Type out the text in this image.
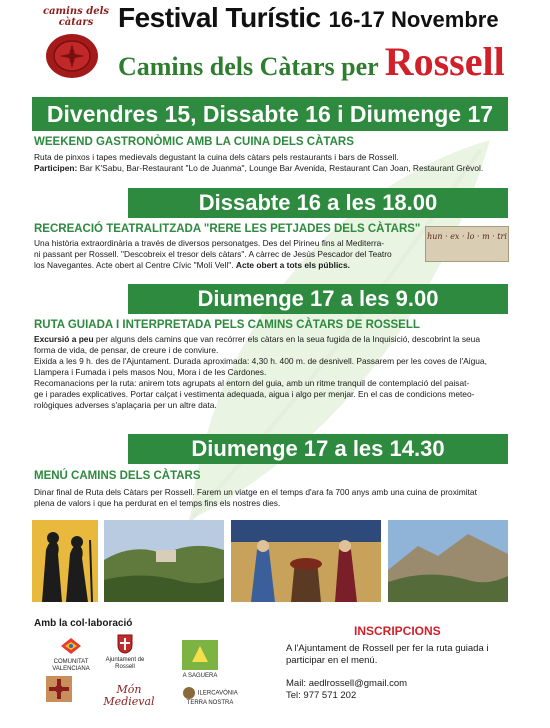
camins dels càtars Festival Turístic 16-17 Novembre
Camins dels Càtars per Rossell
Divendres 15, Dissabte 16 i Diumenge 17
WEEKEND GASTRONÒMIC AMB LA CUINA DELS CÀTARS
Ruta de pinxos i tapes medievals degustant la cuina dels càtars pels restaurants i bars de Rossell.
Participen: Bar K'Sabu, Bar-Restaurant "Lo de Juanma", Lounge Bar Avenida, Restaurant Can Joan, Restaurant Grèvol.
Dissabte 16 a les 18.00
RECREACIÓ TEATRALITZADA "RERE LES PETJADES DELS CÀTARS"
Una història extraordinària a través de diversos personatges. Des del Pirineu fins al Mediterra-
ni passant per Rossell. "Descobreix el tresor dels càtars". A càrrec de Jesús Pescador del Teatro
los Navegantes. Acte obert al Centre Cívic "Molí Vell". Acte obert a tots els públics.
hun · ex · lo · m · tri
Diumenge 17 a les 9.00
RUTA GUIADA I INTERPRETADA PELS CAMINS CÀTARS DE ROSSELL
Excursió a peu per alguns dels camins que van recórrer els càtars en la seua fugida de la Inquisició, descobrint la seua
forma de vida, de pensar, de creure i de conviure.
Eixida a les 9 h. des de l'Ajuntament. Durada aproximada: 4,30 h. 400 m. de desnivell. Passarem per les coves de l'Aigua,
Llampera i Fumada i pels masos Nou, Mora i de les Cardones.
Recomanacions per la ruta: anirem tots agrupats al entorn del guia, amb un ritme tranquil de contemplació del paisat-
ge i parades explicatives. Portar calçat i vestimenta adequada, aigua i algo per menjar. En el cas de condicions meteo-
rològiques adverses s'aplaçaria per un altre data.
Diumenge 17 a les 14.30
MENÚ CAMINS DELS CÀTARS
Dinar final de Ruta dels Càtars per Rossell. Farem un viatge en el temps d'ara fa 700 anys amb una cuina de proximitat
plena de valors i que ha perdurat en el temps fins els nostres dies.
Amb la col·laboració
COMUNITAT VALENCIANA
Ajuntament de Rossell
A SAGUERA
Món Medieval
ILERCAVÒNIA TERRA NOSTRA
INSCRIPCIONS
A l'Ajuntament de Rossell per fer la ruta guiada i participar en el menú.
Mail: aedlrossell@gmail.com
Tel: 977 571 202
